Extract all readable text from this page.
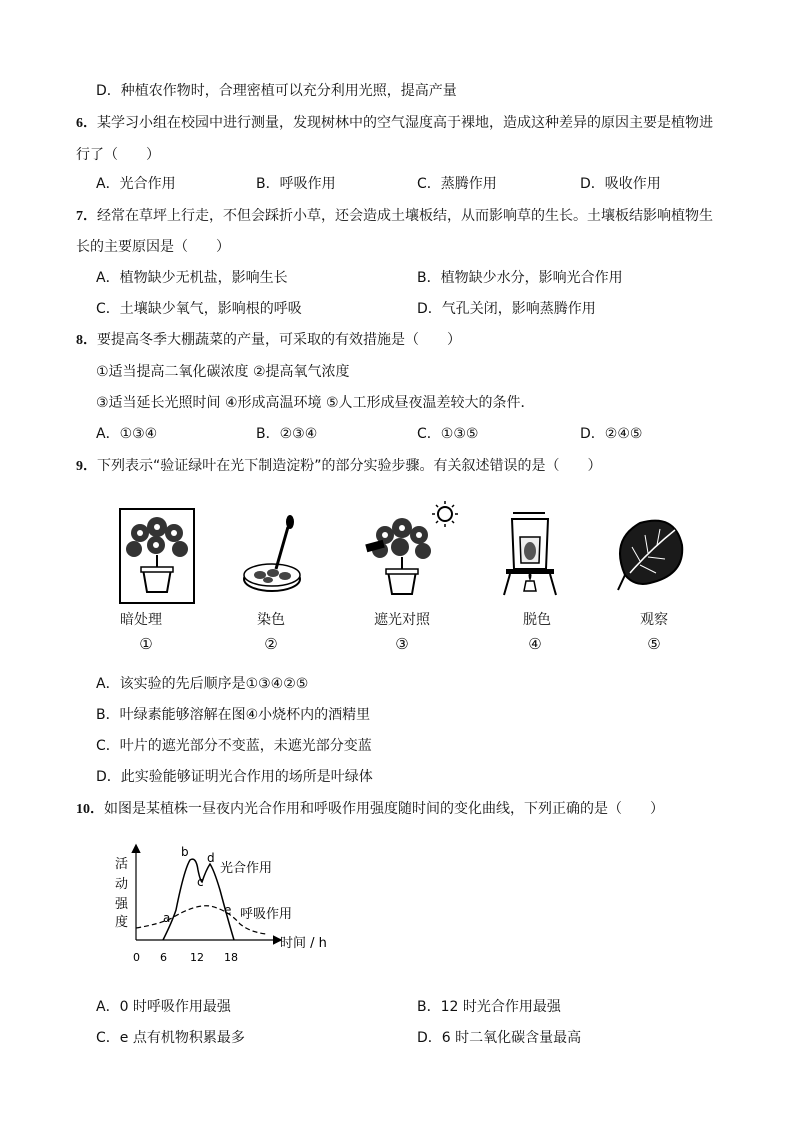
D．种植农作物时，合理密植可以充分利用光照，提高产量
6．某学习小组在校园中进行测量，发现树林中的空气湿度高于裸地，造成这种差异的原因主要是植物进
行了（　　）
A．光合作用	B．呼吸作用	C．蒸腾作用	D．吸收作用
7．经常在草坪上行走，不但会踩折小草，还会造成土壤板结，从而影响草的生长。土壤板结影响植物生
长的主要原因是（　　）
A．植物缺少无机盐，影响生长	B．植物缺少水分，影响光合作用
C．土壤缺少氧气，影响根的呼吸	D．气孔关闭，影响蒸腾作用
8．要提高冬季大棚蔬菜的产量，可采取的有效措施是（　　）
①适当提高二氧化碳浓度 ②提高氧气浓度
③适当延长光照时间 ④形成高温环境 ⑤人工形成昼夜温差较大的条件．
A．①③④	B．②③④	C．①③⑤	D．②④⑤
9．下列表示“验证绿叶在光下制造淀粉”的部分实验步骤。有关叙述错误的是（　　）
暗处理	染色	遮光对照	脱色	观察
①	②	③	④	⑤
A．该实验的先后顺序是①③④②⑤
B．叶绿素能够溶解在图④小烧杯内的酒精里
C．叶片的遮光部分不变蓝，未遮光部分变蓝
D．此实验能够证明光合作用的场所是叶绿体
10．如图是某植株一昼夜内光合作用和呼吸作用强度随时间的变化曲线，下列正确的是（　　）
活
动
强
度
时间 / h
0 6 12 18
a
b
c
d
e
光合作用
呼吸作用
A．0 时呼吸作用最强	B．12 时光合作用最强
C．e 点有机物积累最多	D．6 时二氧化碳含量最高
